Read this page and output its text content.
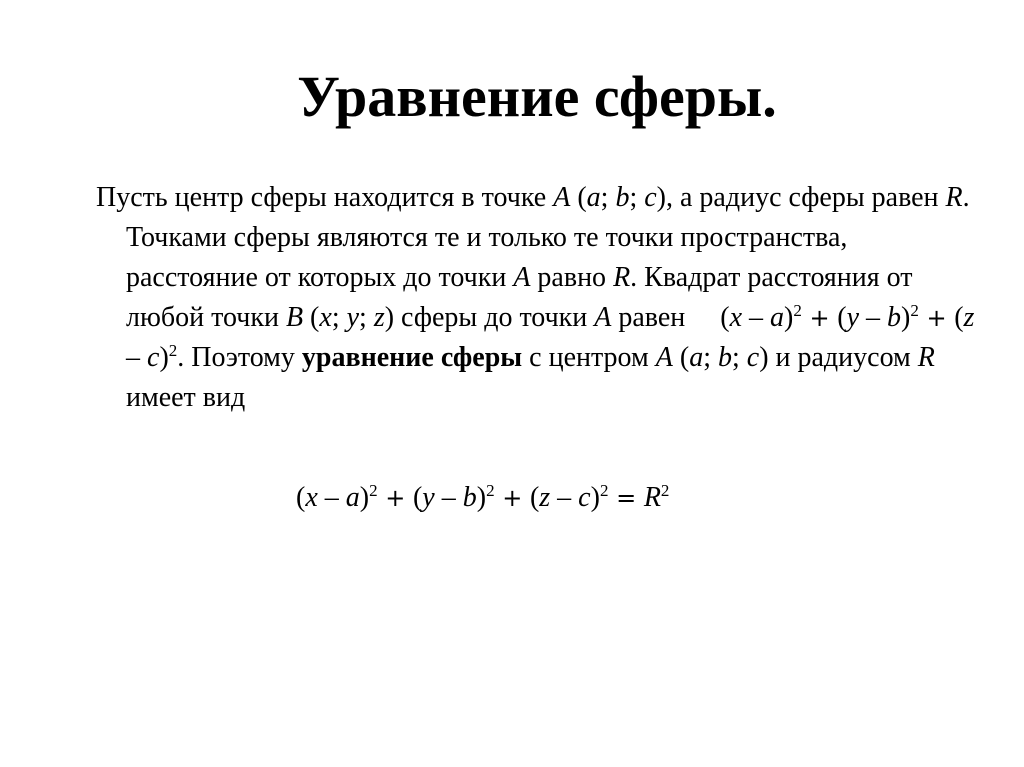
Уравнение сферы.
Пусть центр сферы находится в точке A (a; b; c), а радиус сферы равен R. Точками сферы являются те и только те точки пространства, расстояние от которых до точки A равно R. Квадрат расстояния от любой точки B (x; y; z) сферы до точки A равен (x – a)$^2$ + (y – b)$^2$ + (z – c)$^2$. Поэтому уравнение сферы с центром A (a; b; c) и радиусом R имеет вид
$(x - a)^2 + (y - b)^2 + (z - c)^2 = R^2$
